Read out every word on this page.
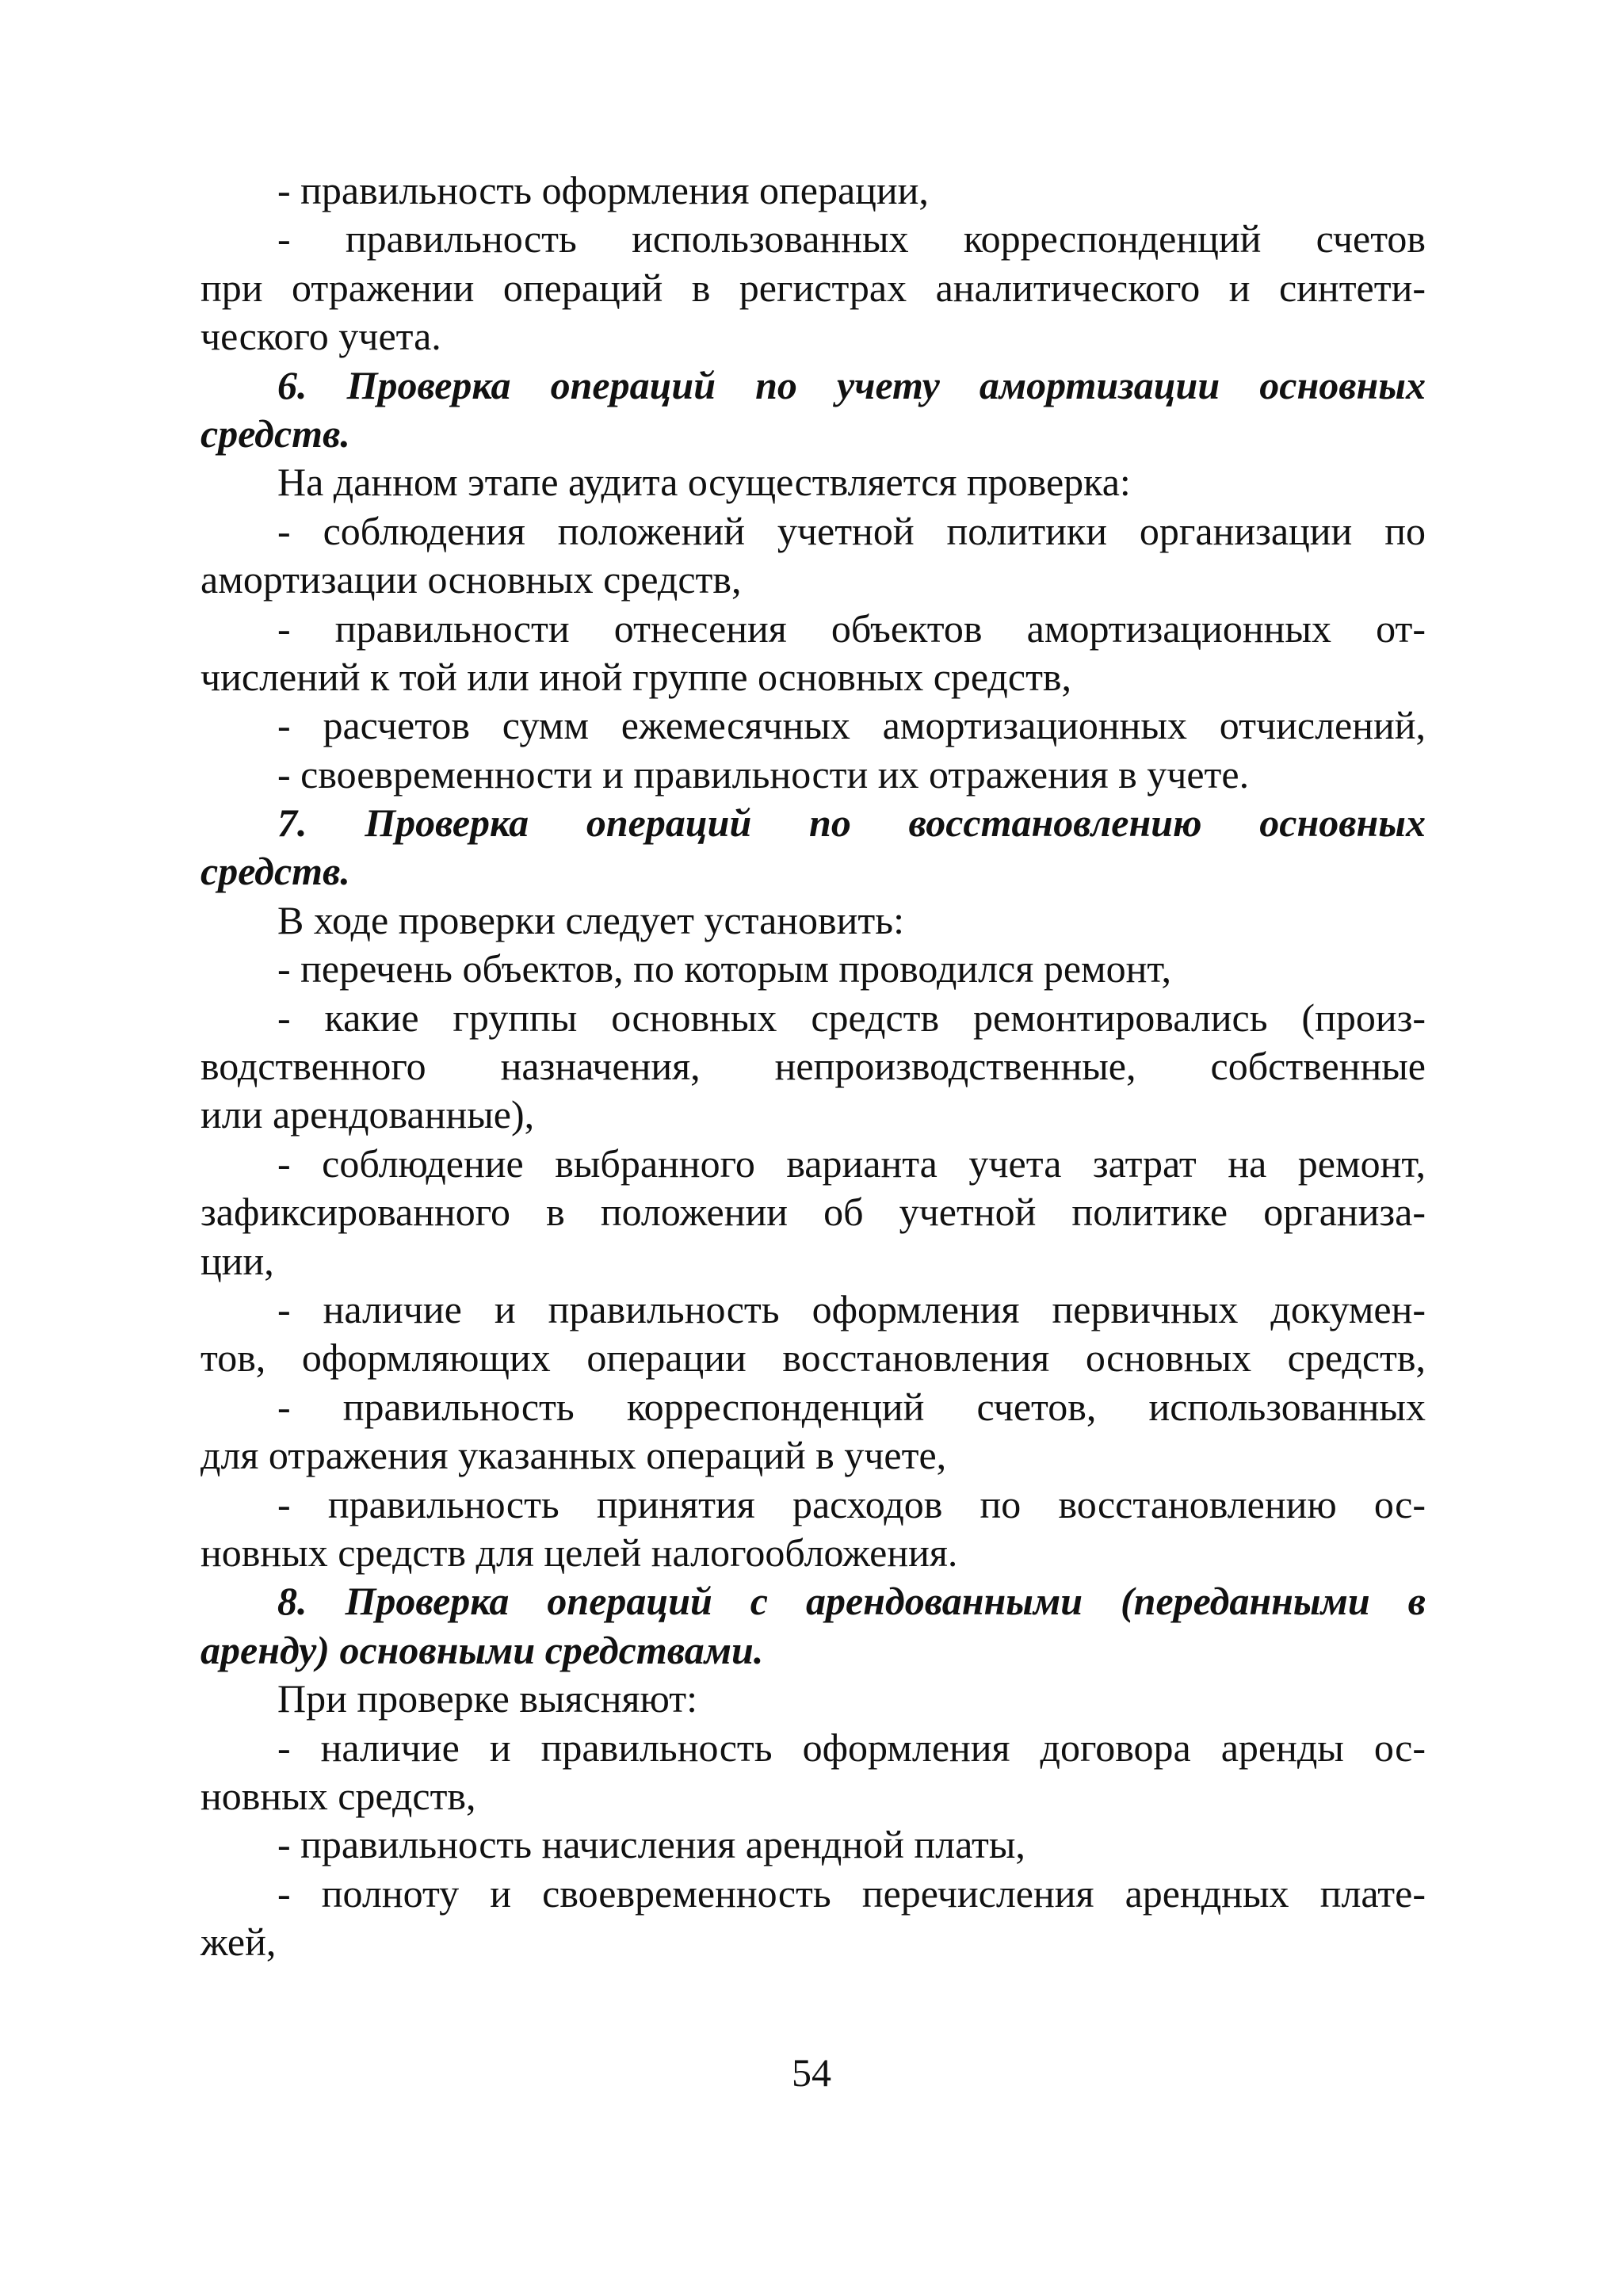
- правильность оформления операции,
- правильность использованных корреспонденций счетов
при отражении операций в регистрах аналитического и синтети-
ческого учета.
6. Проверка операций по учету амортизации основных
средств.
На данном этапе аудита осуществляется проверка:
- соблюдения положений учетной политики организации по
амортизации основных средств,
- правильности отнесения объектов амортизационных от-
числений к той или иной группе основных средств,
- расчетов сумм ежемесячных амортизационных отчислений,
- своевременности и правильности их отражения в учете.
7. Проверка операций по восстановлению основных
средств.
В ходе проверки следует установить:
- перечень объектов, по которым проводился ремонт,
- какие группы основных средств ремонтировались (произ-
водственного назначения, непроизводственные, собственные
или арендованные),
- соблюдение выбранного варианта учета затрат на ремонт,
зафиксированного в положении об учетной политике организа-
ции,
- наличие и правильность оформления первичных докумен-
тов, оформляющих операции восстановления основных средств,
- правильность корреспонденций счетов, использованных
для отражения указанных операций в учете,
- правильность принятия расходов по восстановлению ос-
новных средств для целей налогообложения.
8. Проверка операций с арендованными (переданными в
аренду) основными средствами.
При проверке выясняют:
- наличие и правильность оформления договора аренды ос-
новных средств,
- правильность начисления арендной платы,
- полноту и своевременность перечисления арендных плате-
жей,
54
